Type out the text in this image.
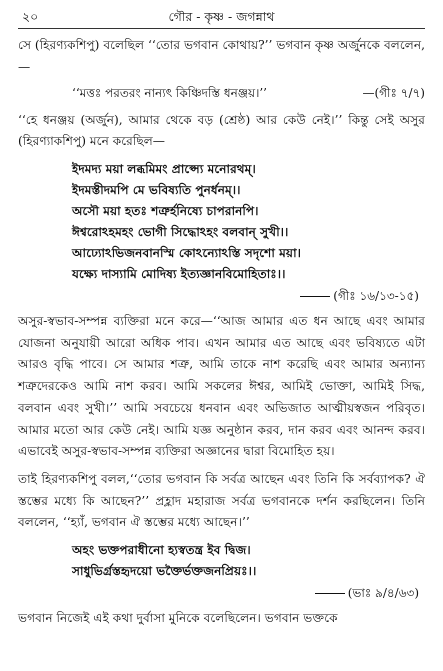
২০	গৌর - কৃষ্ণ - জগন্নাথ

সে (হিরণ্যকশিপু) বলেছিল ‘‘তোর ভগবান কোথায়?’’ ভগবান কৃষ্ণ অর্জুনকে বললেন,—

‘‘মত্তঃ পরতরং নান্যৎ কিঞ্চিদস্তি ধনঞ্জয়।’’	—(গীঃ ৭/৭)

‘‘হে ধনঞ্জয় (অর্জুন), আমার থেকে বড় (শ্রেষ্ঠ) আর কেউ নেই।’’ কিন্তু সেই অসুর (হিরণ্যাকশিপু) মনে করেছিল—

ইদমদ্য ময়া লব্ধমিমং প্রাপ্স্যে মনোরথম্।
ইদমস্তীদমপি মে ভবিষ্যতি পুনর্ধনম্।।
অসৌ ময়া হতঃ শত্রুর্হনিষ্যে চাপরানপি।
ঈশ্বরোঽহমহং ভোগী সিদ্ধোঽহং বলবান্ সুখী।।
আঢ্যোঽভিজনবানস্মি কোঽন্যোঽস্তি সদৃশো ময়া।
যক্ষ্যে দাস্যামি মোদিষ্য ইত্যজ্ঞানবিমোহিতাঃ।।
(গীঃ ১৬/১৩-১৫)

অসুর-স্বভাব-সম্পন্ন ব্যক্তিরা মনে করে—‘‘আজ আমার এত ধন আছে এবং আমার যোজনা অনুযায়ী আরো অধিক পাব। এখন আমার এত আছে এবং ভবিষ্যতে এটা আরও বৃদ্ধি পাবে। সে আমার শত্রু, আমি তাকে নাশ করেছি এবং আমার অন্যান্য শত্রুদেরকেও আমি নাশ করব। আমি সকলের ঈশ্বর, আমিই ভোক্তা, আমিই সিদ্ধ, বলবান এবং সুখী।’’ আমি সবচেয়ে ধনবান এবং অভিজাত আত্মীয়স্বজন পরিবৃত। আমার মতো আর কেউ নেই। আমি যজ্ঞ অনুষ্ঠান করব, দান করব এবং আনন্দ করব। এভাবেই অসুর-স্বভাব-সম্পন্ন ব্যক্তিরা অজ্ঞানের দ্বারা বিমোহিত হয়।

তাই হিরণ্যকশিপু বলল,‘‘তোর ভগবান কি সর্বত্র আছেন এবং তিনি কি সর্বব্যাপক? ঐ স্তম্ভের মধ্যে কি আছেন?’’ প্রহ্লাদ মহারাজ সর্বত্র ভগবানকে দর্শন করছিলেন। তিনি বললেন, ‘‘হ্যাঁ, ভগবান ঐ স্তম্ভের মধ্যে আছেন।’’

অহং ভক্তপরাধীনো হ্যস্বতন্ত্র ইব দ্বিজ।
সাধুভির্গ্রস্তহৃদয়ো ভক্তৈর্ভক্তজনপ্রিয়ঃ।।
(ভাঃ ৯/৪/৬৩)

ভগবান নিজেই এই কথা দুর্বাসা মুনিকে বলেছিলেন। ভগবান ভক্তকে
